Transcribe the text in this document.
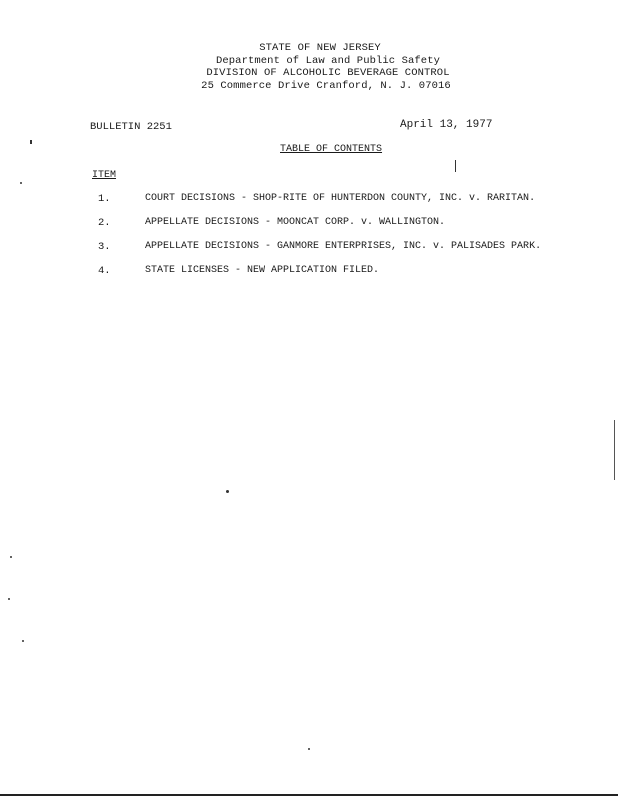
STATE OF NEW JERSEY
Department of Law and Public Safety
DIVISION OF ALCOHOLIC BEVERAGE CONTROL
25 Commerce Drive Cranford, N. J. 07016
BULLETIN 2251	April 13, 1977
TABLE OF CONTENTS
ITEM
1.	COURT DECISIONS - SHOP-RITE OF HUNTERDON COUNTY, INC. v. RARITAN.
2.	APPELLATE DECISIONS - MOONCAT CORP. v. WALLINGTON.
3.	APPELLATE DECISIONS - GANMORE ENTERPRISES, INC. v. PALISADES PARK.
4.	STATE LICENSES - NEW APPLICATION FILED.
